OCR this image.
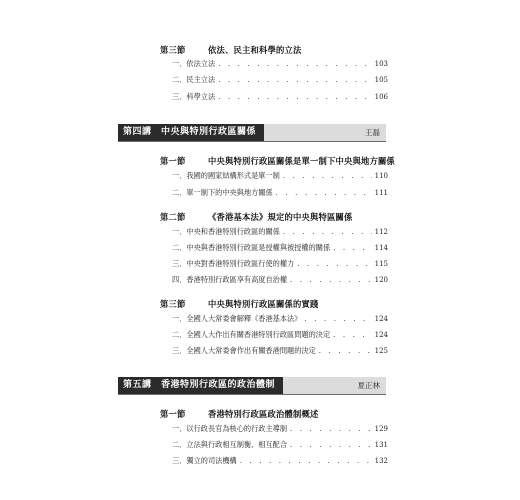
第三節	依法、民主和科學的立法
一．依法立法 . . .	103
二．民主立法 . . .	105
三．科學立法 . . .	106
第四講　中央與特別行政區關係	王磊
第一節	中央與特別行政區關係是單一制下中央與地方關係
一．我國的國家結構形式是單一制 . . .	110
二．單一制下的中央與地方關係 . . .	111
第二節	《香港基本法》規定的中央與特區關係
一．中央和香港特別行政區的關係 . . .	112
二．中央與香港特別行政區是授權與被授權的關係 . . .	114
三．中央對香港特別行政區行使的權力 . . .	115
四．香港特別行政區享有高度自治權 . . .	120
第三節	中央與特別行政區關係的實踐
一．全國人大常委會解釋《香港基本法》 . . .	124
二．全國人大作出有關香港特別行政區問題的決定 . . .	124
三．全國人大常委會作出有關香港問題的決定 . . .	125
第五講　香港特別行政區的政治體制	夏正林
第一節	香港特別行政區政治體制概述
一．以行政長官為核心的行政主導制 . . .	129
二．立法與行政相互制衡、相互配合 . . .	131
三．獨立的司法機構 . . .	132
